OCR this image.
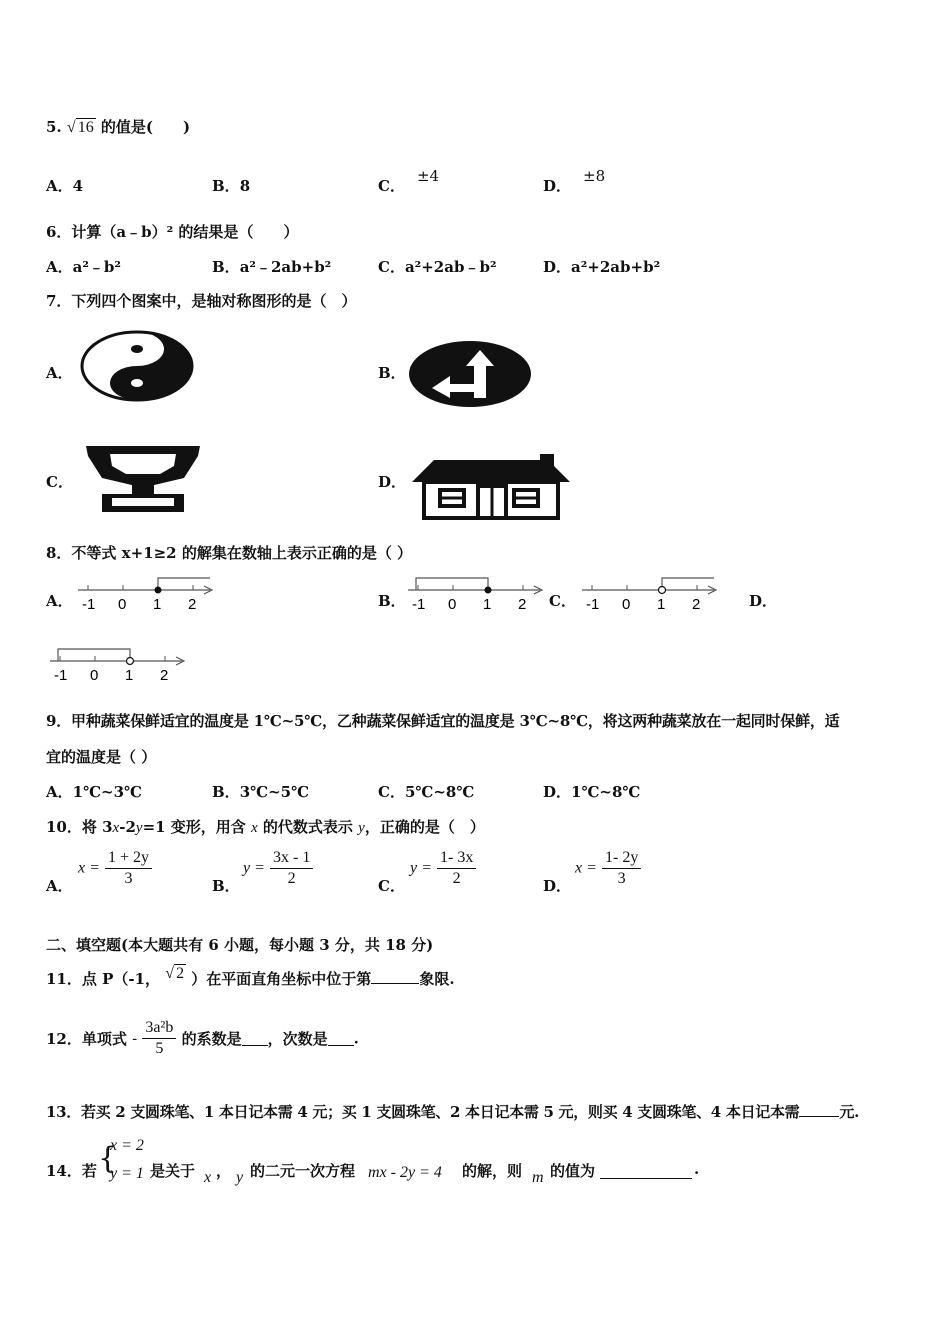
5. √ 16 的值是(　　)
A．4	B．8	C．±4
D．±8
6．计算（a﹣b）² 的结果是（　　）
A．a²﹣b²	B．a²﹣2ab+b²	C．a²+2ab﹣b²	D．a²+2ab+b²
7．下列四个图案中，是轴对称图形的是（　）
A．	B．
C．	D．
8．不等式 x+1≥2 的解集在数轴上表示正确的是（ ）
A． -1 0 1 2	B． -1 0 1 2 C． -1 0 1 2	D．
-1 0 1 2
9．甲种蔬菜保鲜适宜的温度是 1℃~5℃，乙种蔬菜保鲜适宜的温度是 3℃~8℃，将这两种蔬菜放在一起同时保鲜，适
宜的温度是（ ）
A．1℃~3℃	B．3℃~5℃	C．5℃~8℃	D．1℃~8℃
10．将 3x-2y=1 变形，用含 x 的代数式表示 y，正确的是（　）
A．
$x = \frac{1 + 2y}{3}$	B．
$y = \frac{3x - 1}{2}$	C．
$y = \frac{1- 3x}{2}$	D．
$x = \frac{1- 2y}{3}$
二、填空题(本大题共有 6 小题，每小题 3 分，共 18 分)
11．点 P（-1， √ 2 ）在平面直角坐标中位于第	象限.
12．单项式 - $\frac{\text{3a²b}}{5}$ 的系数是 ，次数是 .
13．若买 2 支圆珠笔、1 本日记本需 4 元；买 1 支圆珠笔、2 本日记本需 5 元，则买 4 支圆珠笔、4 本日记本需	元.
14．若 {
x = 2
y = 1 是关于 x ， y 的二元一次方程 mx - 2y = 4 的解，则 m 的值为	.
